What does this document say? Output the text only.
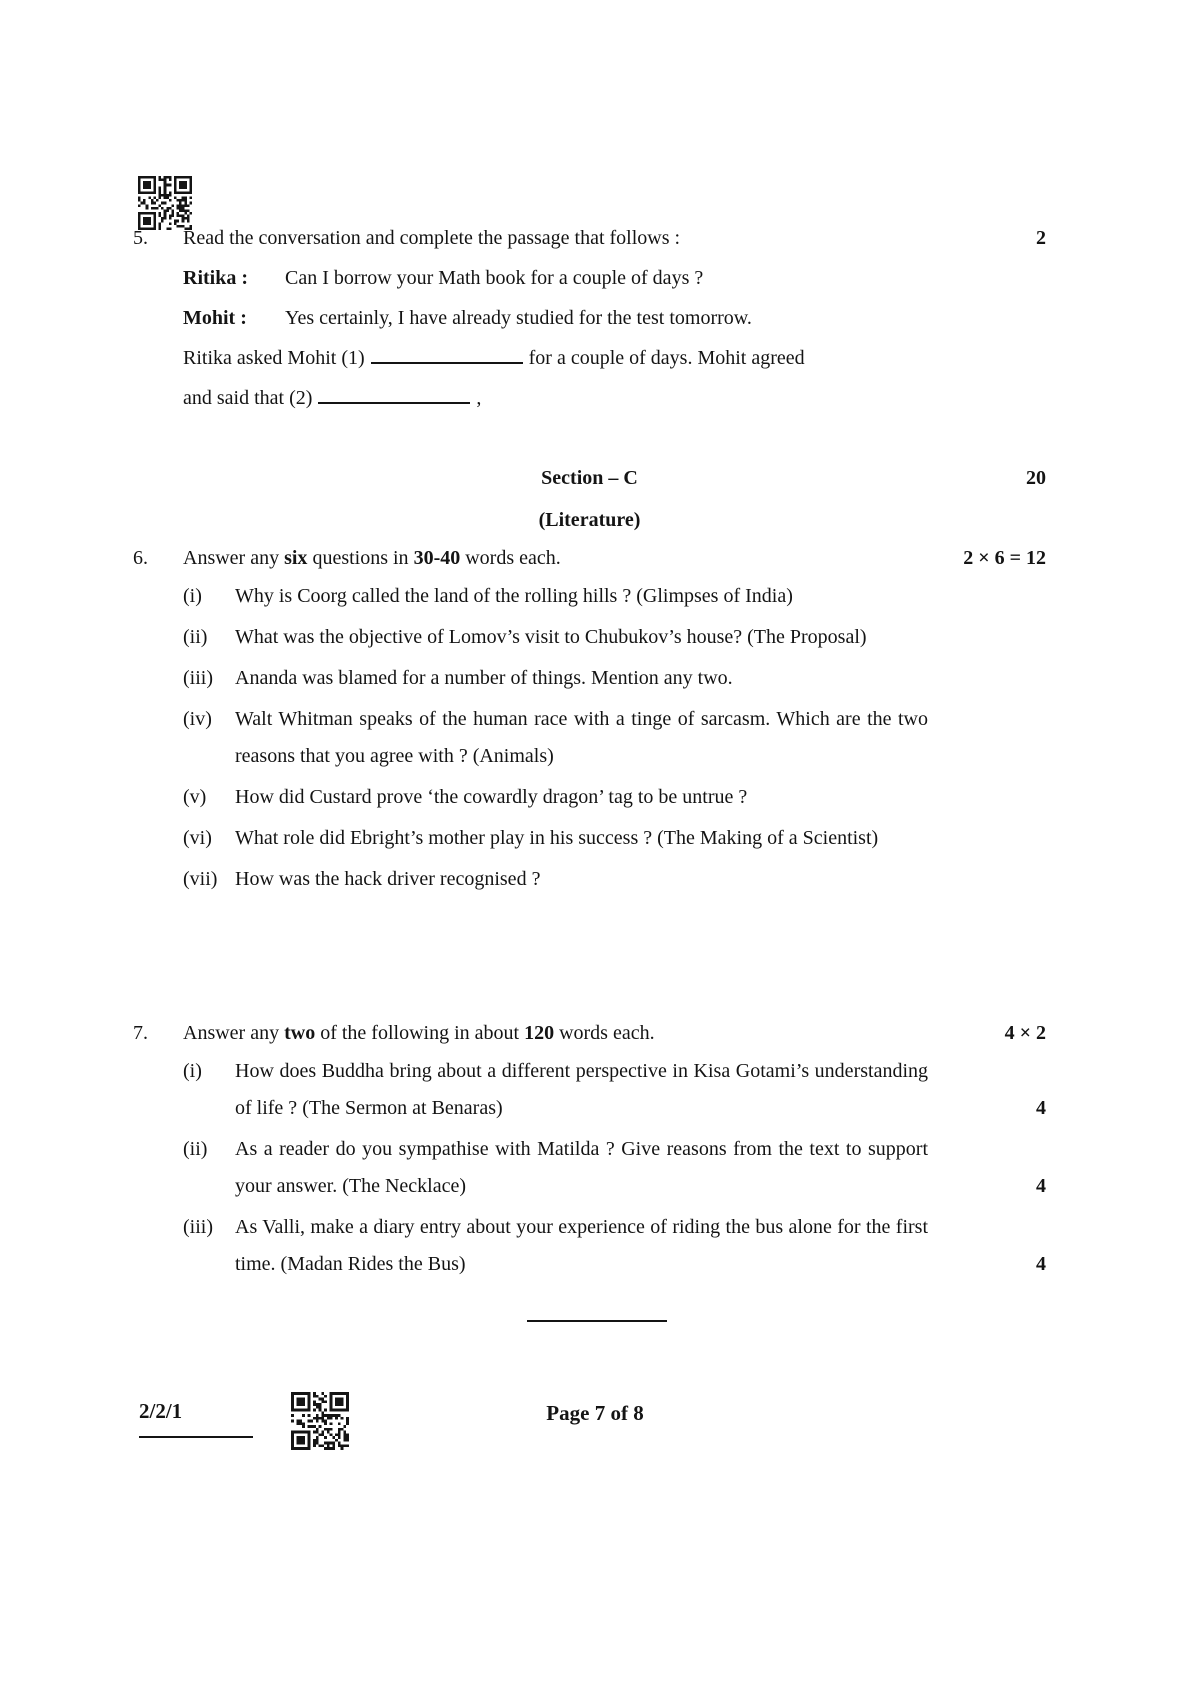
5.	Read the conversation and complete the passage that follows :	2
Ritika : Can I borrow your Math book for a couple of days ?
Mohit : Yes certainly, I have already studied for the test tomorrow.
Ritika asked Mohit (1)	for a couple of days. Mohit agreed
and said that (2)	,
Section – C
(Literature)
20
6.	Answer any six questions in 30-40 words each.	2 × 6 = 12
(i)	Why is Coorg called the land of the rolling hills ? (Glimpses of India)
(ii)	What was the objective of Lomov’s visit to Chubukov’s house? (The Proposal)
(iii)	Ananda was blamed for a number of things. Mention any two.
(iv)	Walt Whitman speaks of the human race with a tinge of sarcasm. Which are the two reasons that you agree with ? (Animals)
(v)	How did Custard prove ‘the cowardly dragon’ tag to be untrue ?
(vi)	What role did Ebright’s mother play in his success ? (The Making of a Scientist)
(vii) How was the hack driver recognised ?
7.	Answer any two of the following in about 120 words each.	4 × 2
(i)	How does Buddha bring about a different perspective in Kisa Gotami’s understanding of life ? (The Sermon at Benaras)	4
(ii)	As a reader do you sympathise with Matilda ? Give reasons from the text to support your answer. (The Necklace)	4
(iii)	As Valli, make a diary entry about your experience of riding the bus alone for the first time. (Madan Rides the Bus)	4
2/2/1	Page 7 of 8
